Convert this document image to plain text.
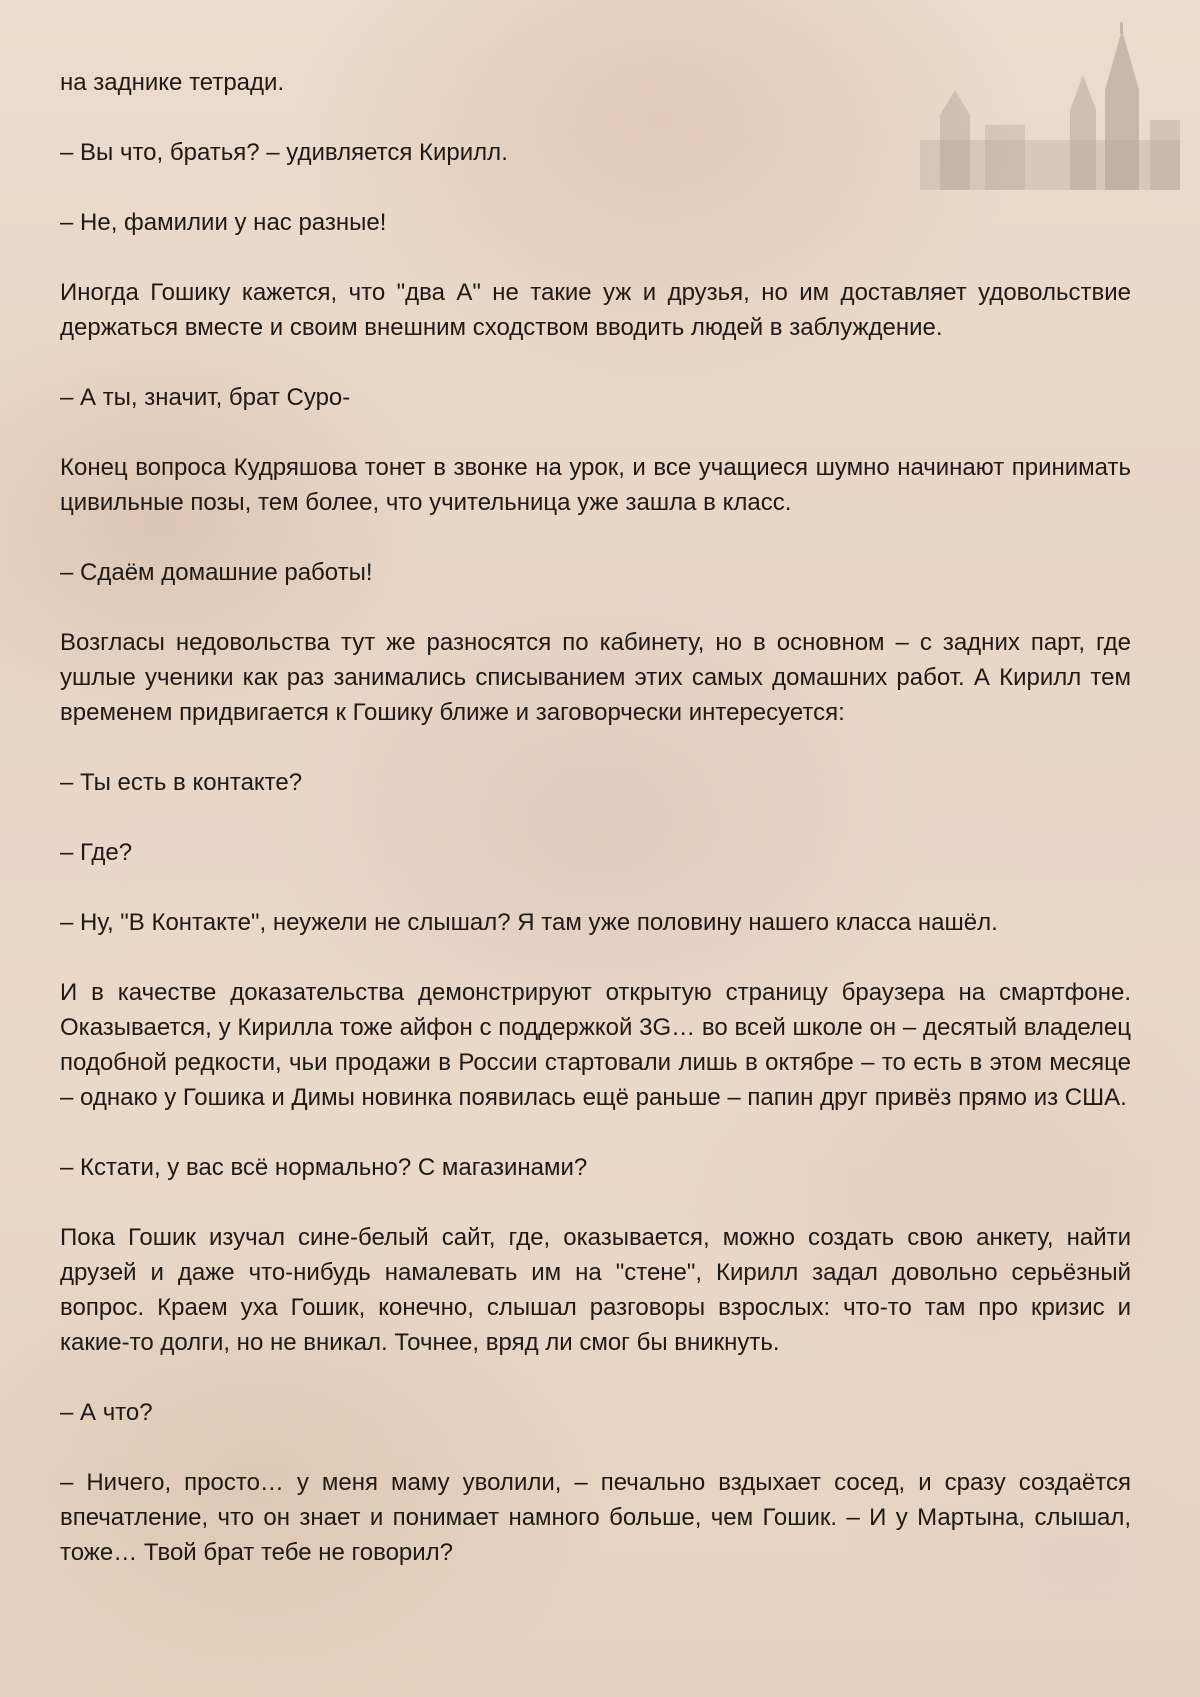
на заднике тетради.

– Вы что, братья? – удивляется Кирилл.

– Не, фамилии у нас разные!

Иногда Гошику кажется, что "два А" не такие уж и друзья, но им доставляет удовольствие держаться вместе и своим внешним сходством вводить людей в заблуждение.

– А ты, значит, брат Суро-

Конец вопроса Кудряшова тонет в звонке на урок, и все учащиеся шумно начинают принимать цивильные позы, тем более, что учительница уже зашла в класс.

– Сдаём домашние работы!

Возгласы недовольства тут же разносятся по кабинету, но в основном – с задних парт, где ушлые ученики как раз занимались списыванием этих самых домашних работ. А Кирилл тем временем придвигается к Гошику ближе и заговорчески интересуется:

– Ты есть в контакте?

– Где?

– Ну, "В Контакте", неужели не слышал? Я там уже половину нашего класса нашёл.

И в качестве доказательства демонстрируют открытую страницу браузера на смартфоне. Оказывается, у Кирилла тоже айфон с поддержкой 3G… во всей школе он – десятый владелец подобной редкости, чьи продажи в России стартовали лишь в октябре – то есть в этом месяце – однако у Гошика и Димы новинка появилась ещё раньше – папин друг привёз прямо из США.

– Кстати, у вас всё нормально? С магазинами?

Пока Гошик изучал сине-белый сайт, где, оказывается, можно создать свою анкету, найти друзей и даже что-нибудь намалевать им на "стене", Кирилл задал довольно серьёзный вопрос. Краем уха Гошик, конечно, слышал разговоры взрослых: что-то там про кризис и какие-то долги, но не вникал. Точнее, вряд ли смог бы вникнуть.

– А что?

– Ничего, просто… у меня маму уволили, – печально вздыхает сосед, и сразу создаётся впечатление, что он знает и понимает намного больше, чем Гошик. – И у Мартына, слышал, тоже… Твой брат тебе не говорил?
